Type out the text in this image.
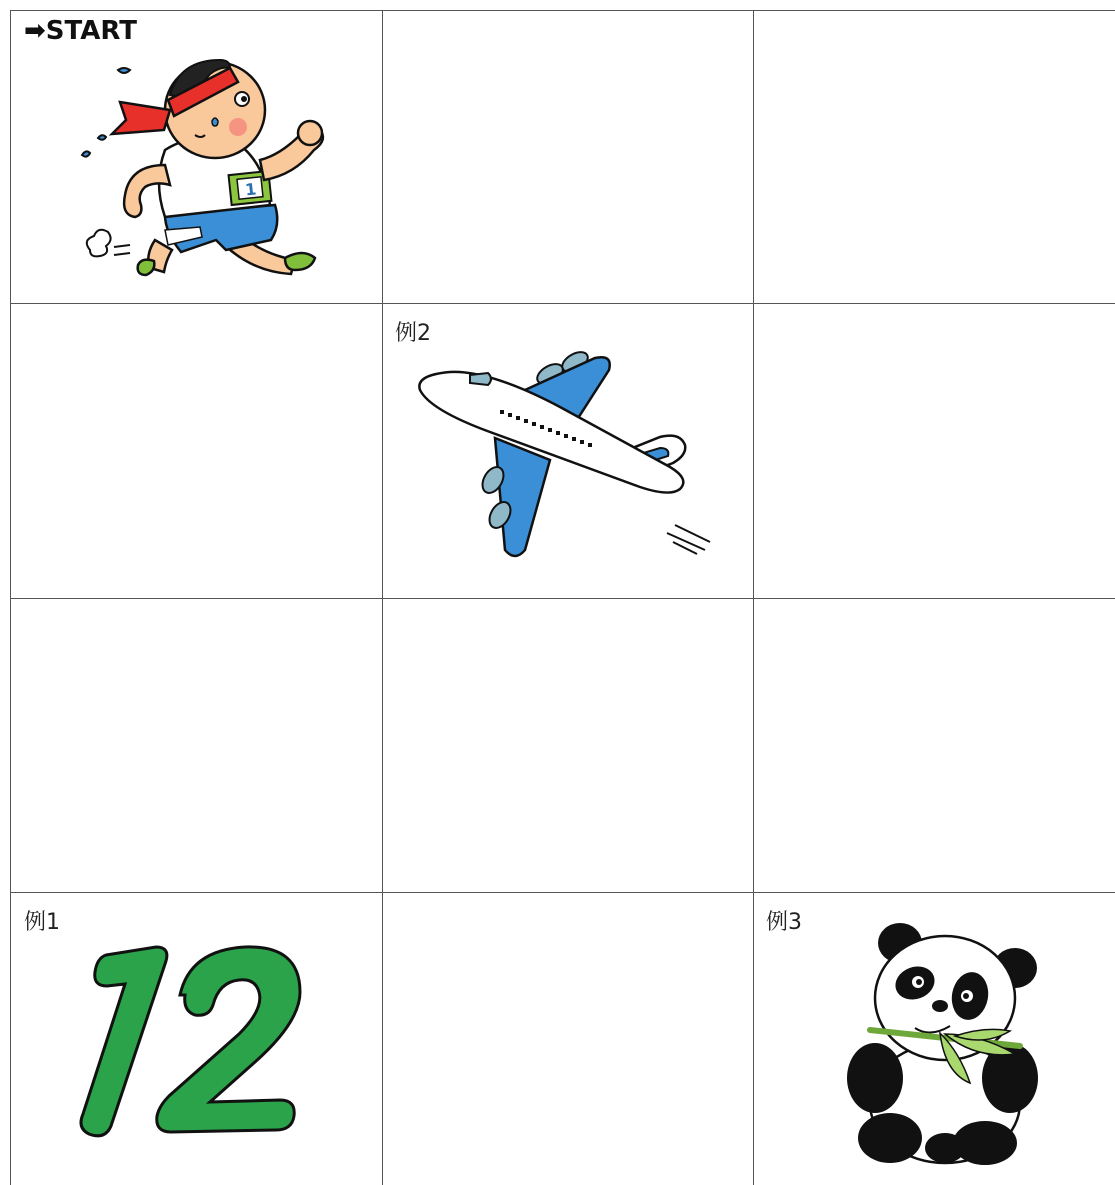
➡START
1
例2
例1	例3
